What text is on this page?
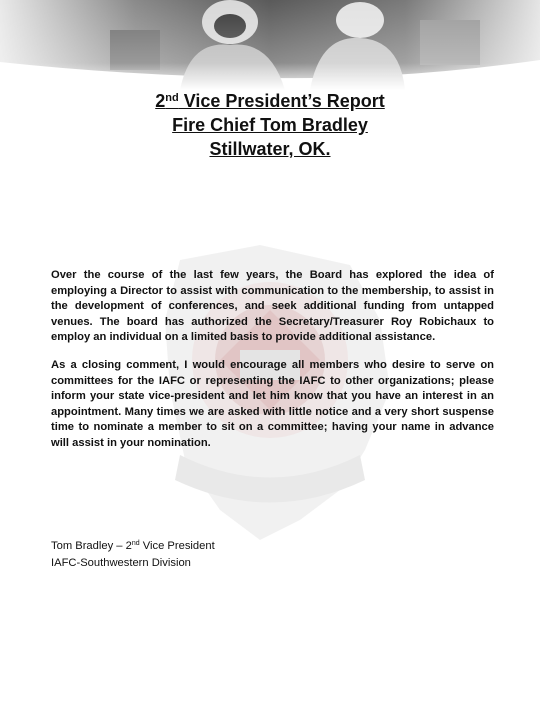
2nd Vice President’s Report
Fire Chief Tom Bradley
Stillwater, OK.

Over the course of the last few years, the Board has explored the idea of employing a Director to assist with communication to the membership, to assist in the development of conferences, and seek additional funding from untapped venues. The board has authorized the Secretary/Treasurer Roy Robichaux to employ an individual on a limited basis to provide additional assistance.

As a closing comment, I would encourage all members who desire to serve on committees for the IAFC or representing the IAFC to other organizations; please inform your state vice-president and let him know that you have an interest in an appointment. Many times we are asked with little notice and a very short suspense time to nominate a member to sit on a committee; having your name in advance will assist in your nomination.

Tom Bradley – 2nd Vice President
IAFC-Southwestern Division
